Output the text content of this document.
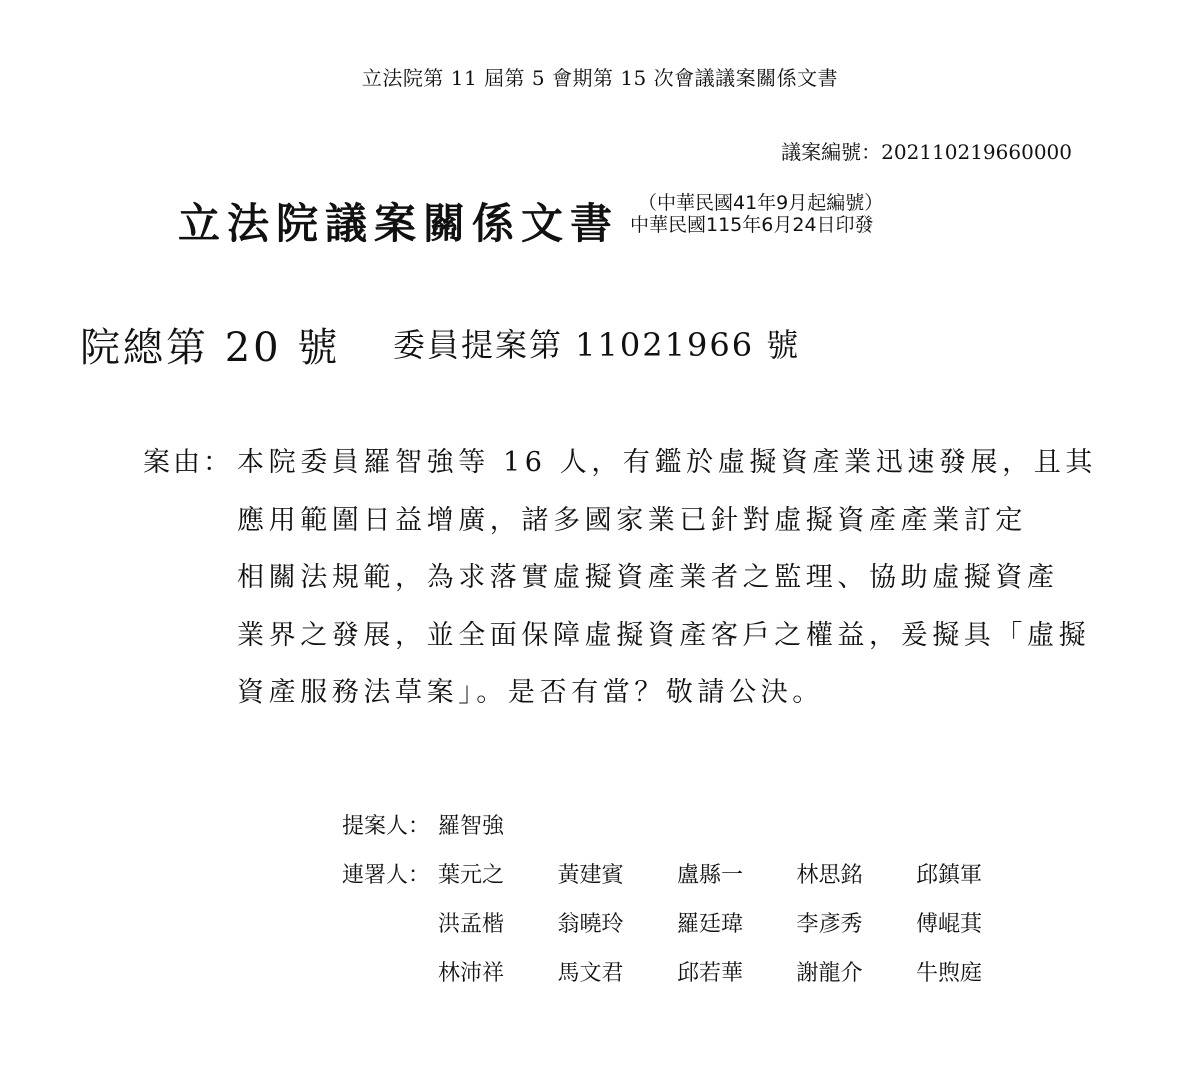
立法院第 11 屆第 5 會期第 15 次會議議案關係文書
議案編號：202110219660000
立法院議案關係文書 （中華民國41年9月起編號）
中華民國115年6月24日印發
院總第 20 號 委員提案第 11021966 號
案由： 本院委員羅智強等 16 人，有鑑於虛擬資產業迅速發展，且其
應用範圍日益增廣，諸多國家業已針對虛擬資產產業訂定
相關法規範，為求落實虛擬資產業者之監理、協助虛擬資產
業界之發展，並全面保障虛擬資產客戶之權益，爰擬具「虛擬
資產服務法草案」。是否有當？敬請公決。
提案人： 羅智強
連署人： 葉元之	黃建賓	盧縣一	林思銘	邱鎮軍
洪孟楷	翁曉玲	羅廷瑋	李彥秀	傅崐萁
林沛祥	馬文君	邱若華	謝龍介	牛煦庭
